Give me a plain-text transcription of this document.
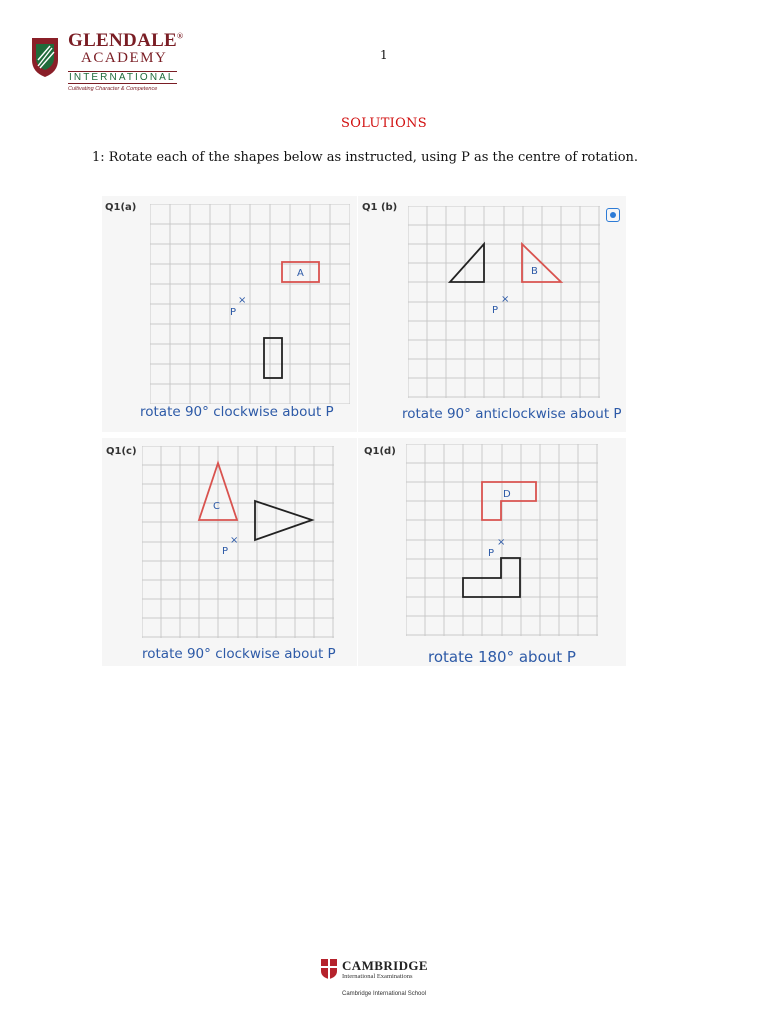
GLENDALE®
ACADEMY
INTERNATIONAL
Cultivating Character & Competence
1
SOLUTIONS
1: Rotate each of the shapes below as instructed, using P as the centre of rotation.
Q1(a)
A
×
P
rotate 90° clockwise about P
Q1 (b)
B
×
P
rotate 90° anticlockwise about P
Q1(c)
C
×
P
rotate 90° clockwise about P
Q1(d)
D
×
P
rotate 180° about P
CAMBRIDGE
International Examinations
Cambridge International School
